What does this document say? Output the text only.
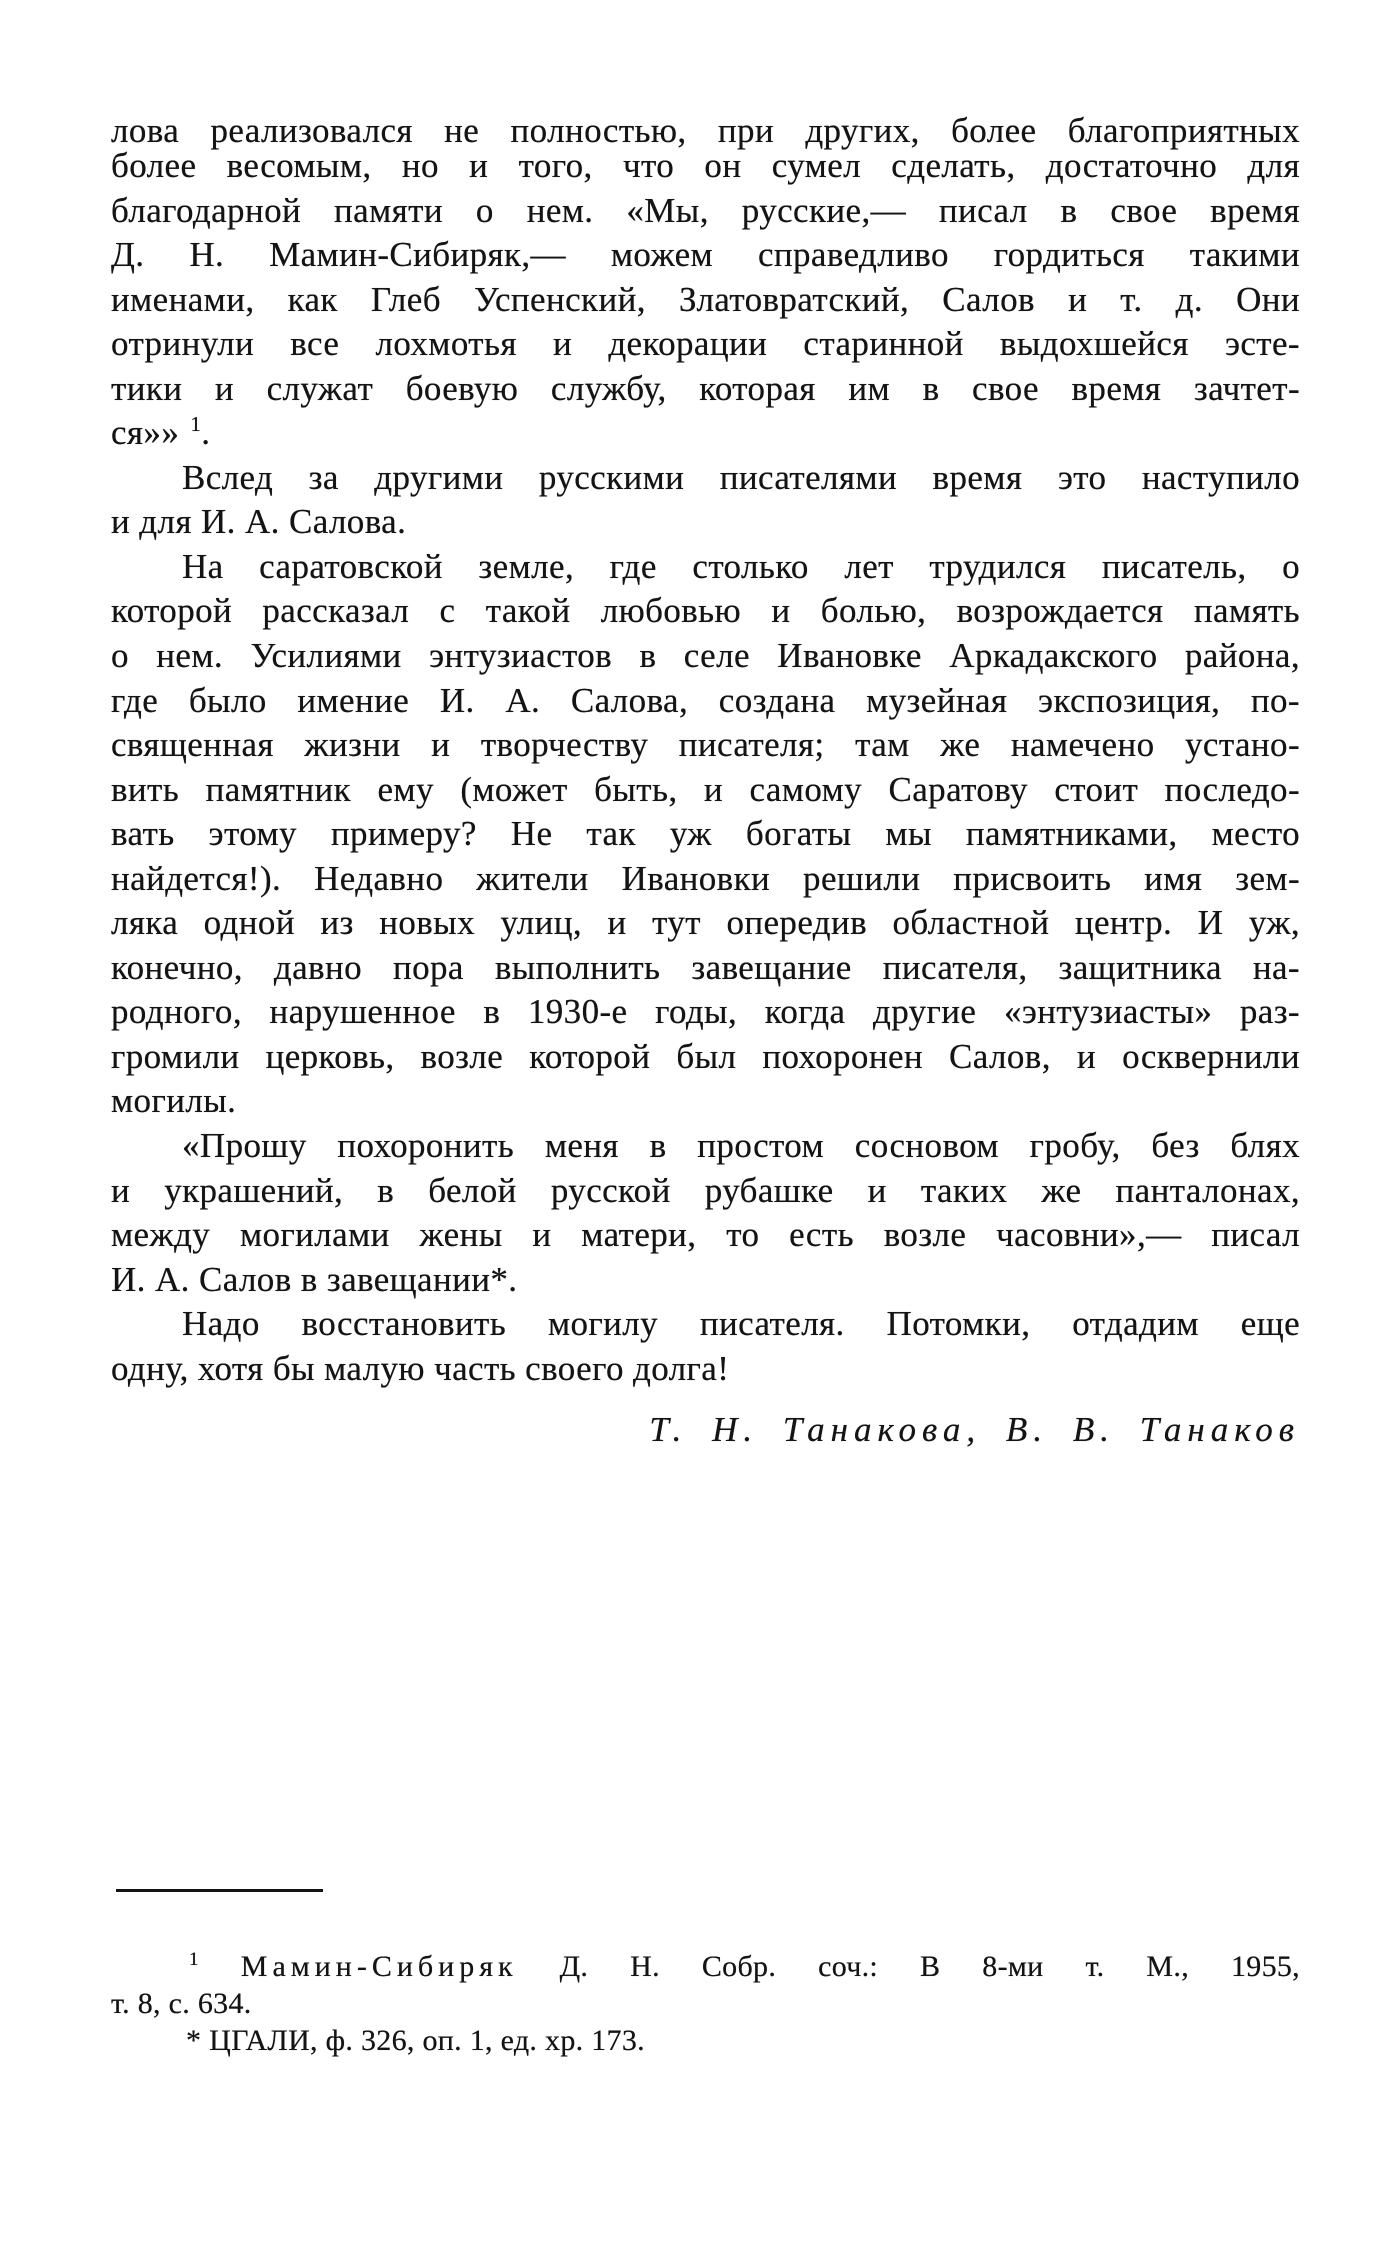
лова реализовался не полностью, при других, более благоприятных
более весомым, но и того, что он сумел сделать, достаточно для
благодарной памяти о нем. «Мы, русские,— писал в свое время
Д. Н. Мамин-Сибиряк,— можем справедливо гордиться такими
именами, как Глеб Успенский, Златовратский, Салов и т. д. Они
отринули все лохмотья и декорации старинной выдохшейся эсте-
тики и служат боевую службу, которая им в свое время зачтет-
ся»» $^1$.
Вслед за другими русскими писателями время это наступило
и для И. А. Салова.
На саратовской земле, где столько лет трудился писатель, о
которой рассказал с такой любовью и болью, возрождается память
о нем. Усилиями энтузиастов в селе Ивановке Аркадакского района,
где было имение И. А. Салова, создана музейная экспозиция, по-
священная жизни и творчеству писателя; там же намечено устано-
вить памятник ему (может быть, и самому Саратову стоит последо-
вать этому примеру? Не так уж богаты мы памятниками, место
найдется!). Недавно жители Ивановки решили присвоить имя зем-
ляка одной из новых улиц, и тут опередив областной центр. И уж,
конечно, давно пора выполнить завещание писателя, защитника на-
родного, нарушенное в 1930-е годы, когда другие «энтузиасты» раз-
громили церковь, возле которой был похоронен Салов, и осквернили
могилы.
«Прошу похоронить меня в простом сосновом гробу, без блях
и украшений, в белой русской рубашке и таких же панталонах,
между могилами жены и матери, то есть возле часовни»,— писал
И. А. Салов в завещании*.
Надо восстановить могилу писателя. Потомки, отдадим еще
одну, хотя бы малую часть своего долга!
Т. Н. Танакова, В. В. Танаков
$^1$ Мамин-Сибиряк Д. Н. Собр. соч.: В 8-ми т. М., 1955,
т. 8, с. 634.
* ЦГАЛИ, ф. 326, оп. 1, ед. хр. 173.
